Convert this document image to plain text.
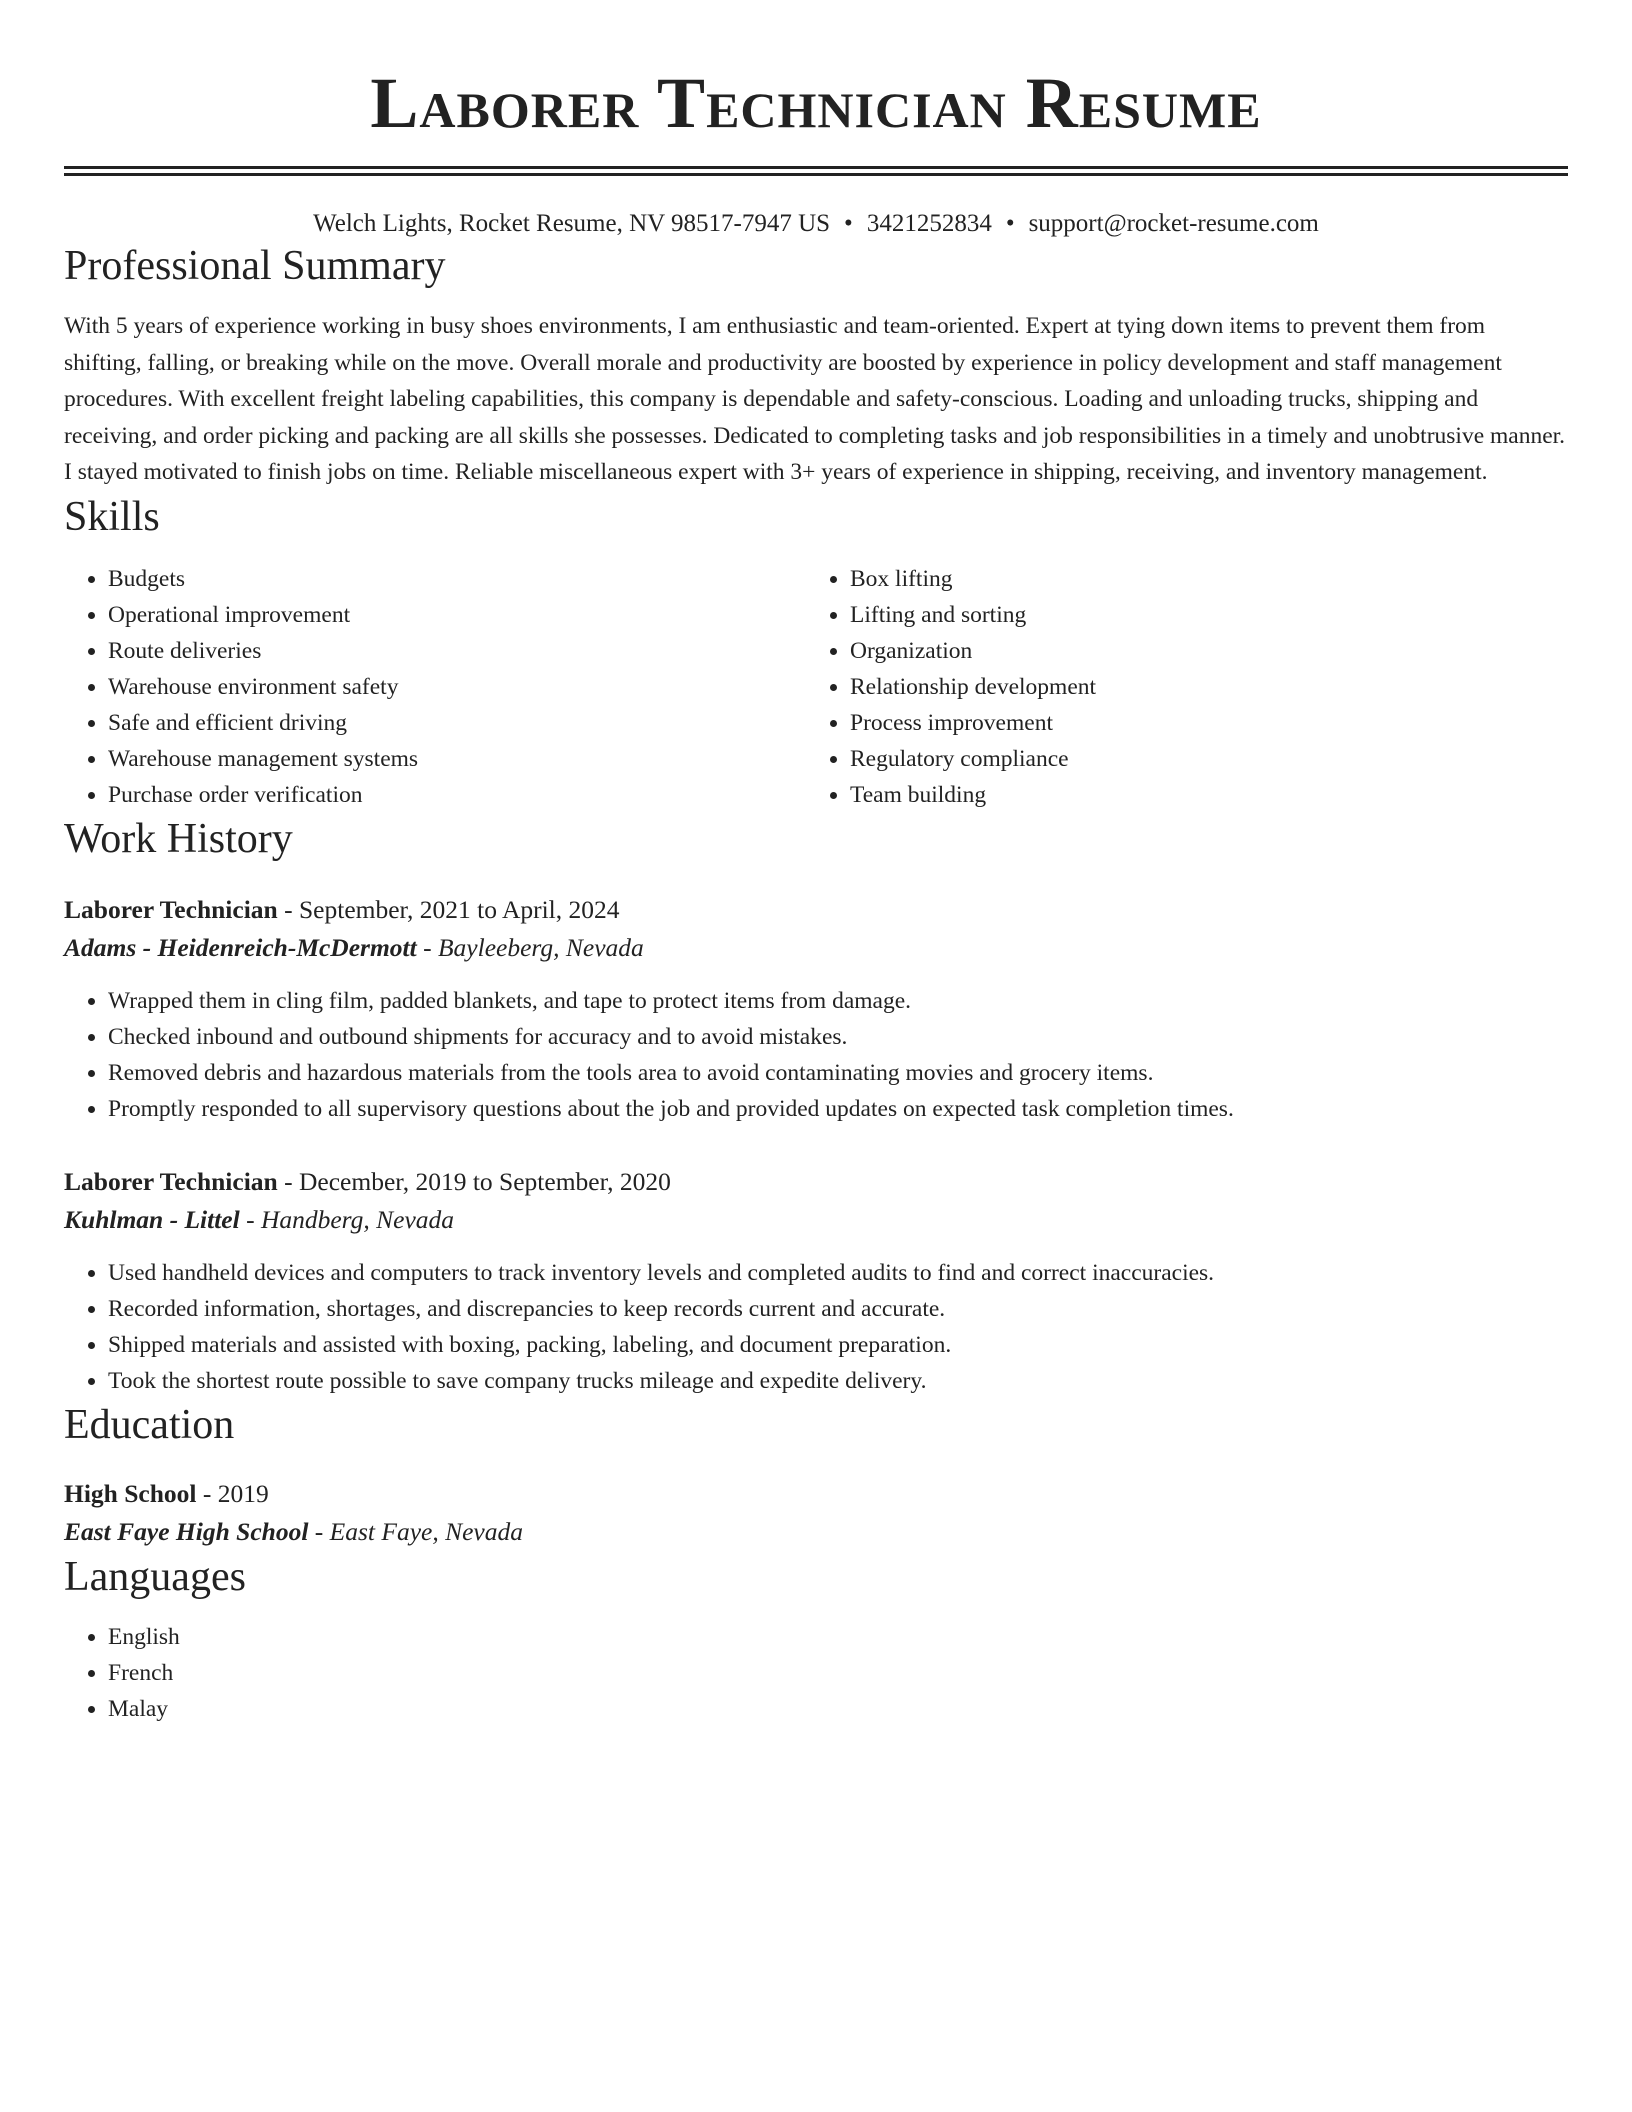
Laborer Technician Resume
Welch Lights, Rocket Resume, NV 98517-7947 US • 3421252834 • support@rocket-resume.com
Professional Summary

With 5 years of experience working in busy shoes environments, I am enthusiastic and team-oriented. Expert at tying down items to prevent them from shifting, falling, or breaking while on the move. Overall morale and productivity are boosted by experience in policy development and staff management procedures. With excellent freight labeling capabilities, this company is dependable and safety-conscious. Loading and unloading trucks, shipping and receiving, and order picking and packing are all skills she possesses. Dedicated to completing tasks and job responsibilities in a timely and unobtrusive manner. I stayed motivated to finish jobs on time. Reliable miscellaneous expert with 3+ years of experience in shipping, receiving, and inventory management.

Skills
• Budgets
• Operational improvement
• Route deliveries
• Warehouse environment safety
• Safe and efficient driving
• Warehouse management systems
• Purchase order verification
• Box lifting
• Lifting and sorting
• Organization
• Relationship development
• Process improvement
• Regulatory compliance
• Team building
Work History
Laborer Technician - September, 2021 to April, 2024
Adams - Heidenreich-McDermott - Bayleeberg, Nevada
• Wrapped them in cling film, padded blankets, and tape to protect items from damage.
• Checked inbound and outbound shipments for accuracy and to avoid mistakes.
• Removed debris and hazardous materials from the tools area to avoid contaminating movies and grocery items.
• Promptly responded to all supervisory questions about the job and provided updates on expected task completion times.
Laborer Technician - December, 2019 to September, 2020
Kuhlman - Littel - Handberg, Nevada
• Used handheld devices and computers to track inventory levels and completed audits to find and correct inaccuracies.
• Recorded information, shortages, and discrepancies to keep records current and accurate.
• Shipped materials and assisted with boxing, packing, labeling, and document preparation.
• Took the shortest route possible to save company trucks mileage and expedite delivery.
Education
High School - 2019
East Faye High School - East Faye, Nevada
Languages
• English
• French
• Malay
